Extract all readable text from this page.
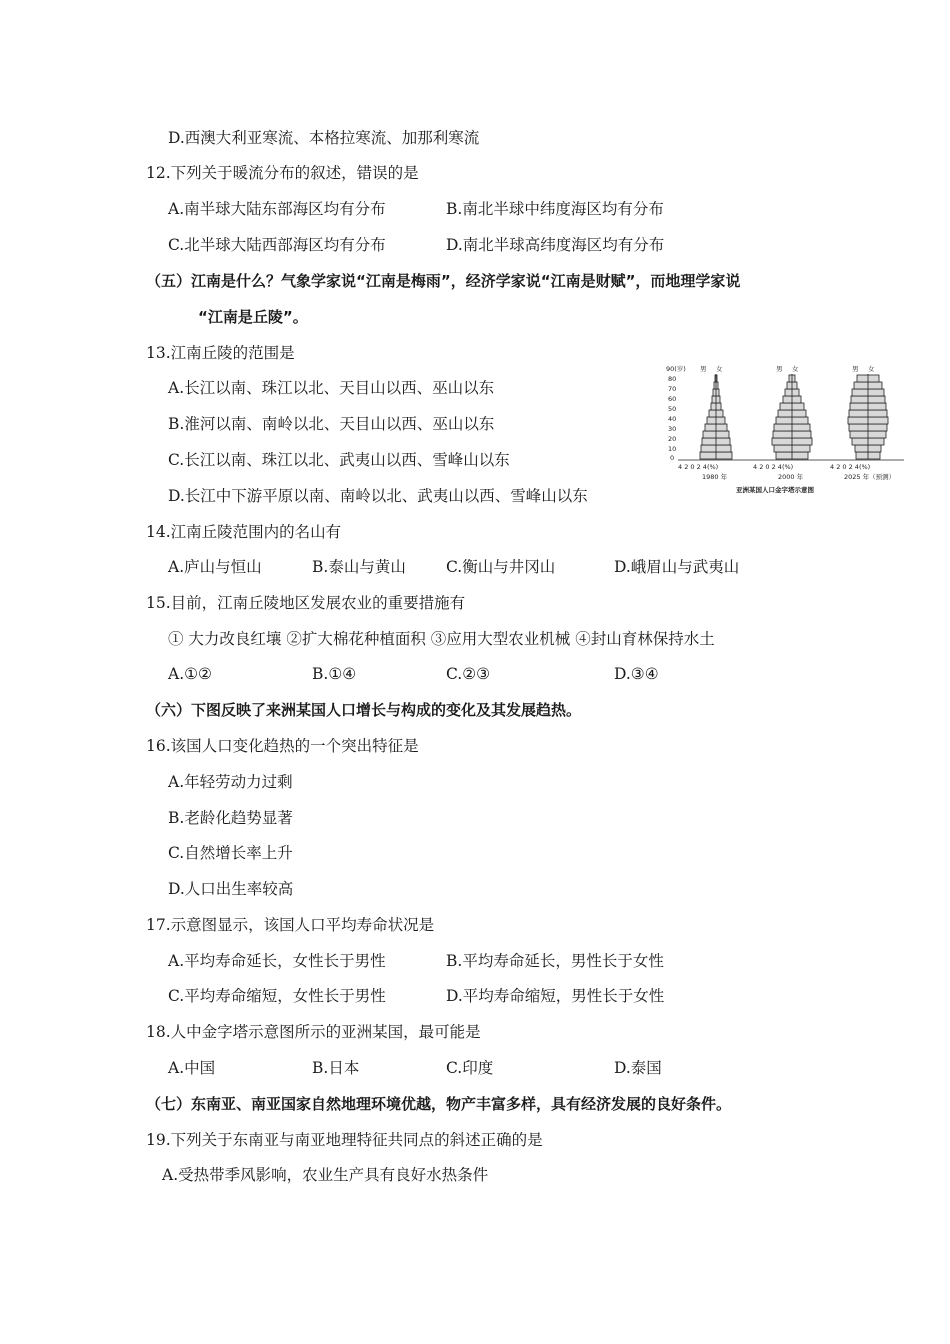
D.西澳大利亚寒流、本格拉寒流、加那利寒流
12.下列关于暖流分布的叙述，错误的是
A.南半球大陆东部海区均有分布	B.南北半球中纬度海区均有分布
C.北半球大陆西部海区均有分布	D.南北半球高纬度海区均有分布
（五）江南是什么？气象学家说“江南是梅雨”，经济学家说“江南是财赋”，而地理学家说
“江南是丘陵”。
13.江南丘陵的范围是
A.长江以南、珠江以北、天目山以西、巫山以东
B.淮河以南、南岭以北、天目山以西、巫山以东
C.长江以南、珠江以北、武夷山以西、雪峰山以东
D.长江中下游平原以南、南岭以北、武夷山以西、雪峰山以东
90(岁)
80
70
60
50
40
30
20
10
0
男 女	男 女	男 女
4 2 0 2 4(%)	4 2 0 2 4(%)	4 2 0 2 4(%)
1980 年	2000 年	2025 年（预测）
亚洲某国人口金字塔示意图
14.江南丘陵范围内的名山有
A.庐山与恒山	B.泰山与黄山	C.衡山与井冈山	D.峨眉山与武夷山
15.目前，江南丘陵地区发展农业的重要措施有
① 大力改良红壤 ②扩大棉花种植面积 ③应用大型农业机械 ④封山育林保持水土
A.①②	B.①④	C.②③	D.③④
（六）下图反映了来洲某国人口增长与构成的变化及其发展趋热。
16.该国人口变化趋热的一个突出特征是
A.年轻劳动力过剩
B.老龄化趋势显著
C.自然增长率上升
D.人口出生率较高
17.示意图显示，该国人口平均寿命状况是
A.平均寿命延长，女性长于男性	B.平均寿命延长，男性长于女性
C.平均寿命缩短，女性长于男性	D.平均寿命缩短，男性长于女性
18.人中金字塔示意图所示的亚洲某国，最可能是
A.中国	B.日本	C.印度	D.泰国
（七）东南亚、南亚国家自然地理环境优越，物产丰富多样，具有经济发展的良好条件。
19.下列关于东南亚与南亚地理特征共同点的斜述正确的是
A.受热带季风影响，农业生产具有良好水热条件
